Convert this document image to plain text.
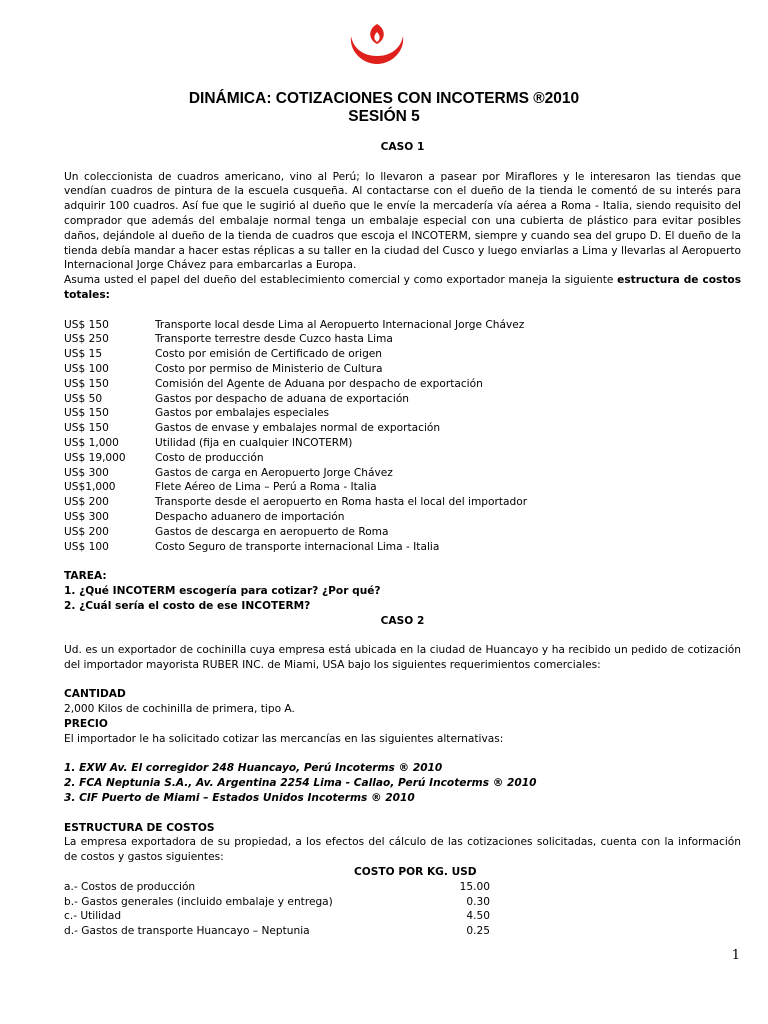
DINÁMICA: COTIZACIONES CON INCOTERMS ®2010
SESIÓN 5

CASO 1

Un coleccionista de cuadros americano, vino al Perú; lo llevaron a pasear por Miraflores y le interesaron las tiendas que vendían cuadros de pintura de la escuela cusqueña. Al contactarse con el dueño de la tienda le comentó de su interés para adquirir 100 cuadros. Así fue que le sugirió al dueño que le envíe la mercadería vía aérea a Roma - Italia, siendo requisito del comprador que además del embalaje normal tenga un embalaje especial con una cubierta de plástico para evitar posibles daños, dejándole al dueño de la tienda de cuadros que escoja el INCOTERM, siempre y cuando sea del grupo D. El dueño de la tienda debía mandar a hacer estas réplicas a su taller en la ciudad del Cusco y luego enviarlas a Lima y llevarlas al Aeropuerto Internacional Jorge Chávez para embarcarlas a Europa.

Asuma usted el papel del dueño del establecimiento comercial y como exportador maneja la siguiente estructura de costos totales:

US$ 150	Transporte local desde Lima al Aeropuerto Internacional Jorge Chávez
US$ 250	Transporte terrestre desde Cuzco hasta Lima
US$ 15	Costo por emisión de Certificado de origen
US$ 100	Costo por permiso de Ministerio de Cultura
US$ 150	Comisión del Agente de Aduana por despacho de exportación
US$ 50	Gastos por despacho de aduana de exportación
US$ 150	Gastos por embalajes especiales
US$ 150	Gastos de envase y embalajes normal de exportación
US$ 1,000	Utilidad (fija en cualquier INCOTERM)
US$ 19,000	Costo de producción
US$ 300	Gastos de carga en Aeropuerto Jorge Chávez
US$1,000	Flete Aéreo de Lima – Perú a Roma - Italia
US$ 200	Transporte desde el aeropuerto en Roma hasta el local del importador
US$ 300	Despacho aduanero de importación
US$ 200	Gastos de descarga en aeropuerto de Roma
US$ 100	Costo Seguro de transporte internacional Lima - Italia

TAREA:

1. ¿Qué INCOTERM escogería para cotizar? ¿Por qué?

2. ¿Cuál sería el costo de ese INCOTERM?

CASO 2

Ud. es un exportador de cochinilla cuya empresa está ubicada en la ciudad de Huancayo y ha recibido un pedido de cotización del importador mayorista RUBER INC. de Miami, USA bajo los siguientes requerimientos comerciales:

CANTIDAD

2,000 Kilos de cochinilla de primera, tipo A.

PRECIO

El importador le ha solicitado cotizar las mercancías en las siguientes alternativas:

1. EXW Av. El corregidor 248 Huancayo, Perú Incoterms ® 2010

2. FCA Neptunia S.A., Av. Argentina 2254 Lima - Callao, Perú Incoterms ® 2010

3. CIF Puerto de Miami – Estados Unidos Incoterms ® 2010

ESTRUCTURA DE COSTOS

La empresa exportadora de su propiedad, a los efectos del cálculo de las cotizaciones solicitadas, cuenta con la información de costos y gastos siguientes:

COSTO POR KG. USD
a.- Costos de producción	15.00
b.- Gastos generales (incluido embalaje y entrega)	0.30
c.- Utilidad	4.50
d.- Gastos de transporte Huancayo – Neptunia	0.25
1
